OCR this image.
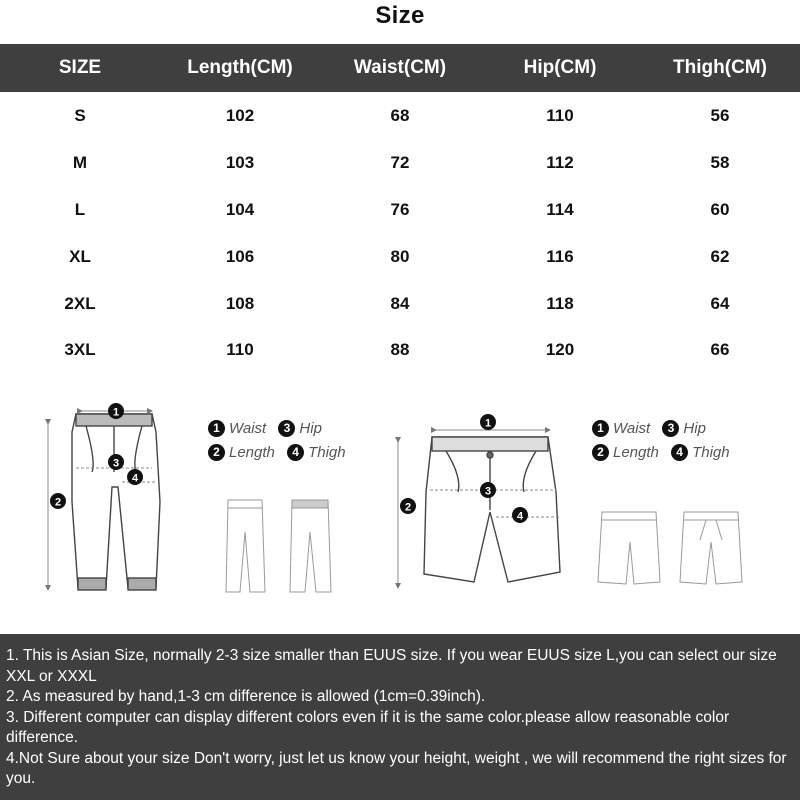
Size
SIZE	Length(CM)	Waist(CM)	Hip(CM)	Thigh(CM)
S	102	68	110	56
M	103	72	112	58
L	104	76	114	60
XL	106	80	116	62
2XL	108	84	118	64
3XL	110	88	120	66
1
2
3
4
1
2
3
4
1 Waist
	3 Hip
2 Length
	4 Thigh
1 Waist
	3 Hip
2 Length
	4 Thigh

1. This is Asian Size, normally 2-3 size smaller than EUUS size. If you wear EUUS size L,you can select our size XXL or XXXL

2. As measured by hand,1-3 cm difference is allowed (1cm=0.39inch).

3. Different computer can display different colors even if it is the same color.please allow reasonable color difference.

4.Not Sure about your size Don't worry, just let us know your height, weight , we will recommend the right sizes for you.
